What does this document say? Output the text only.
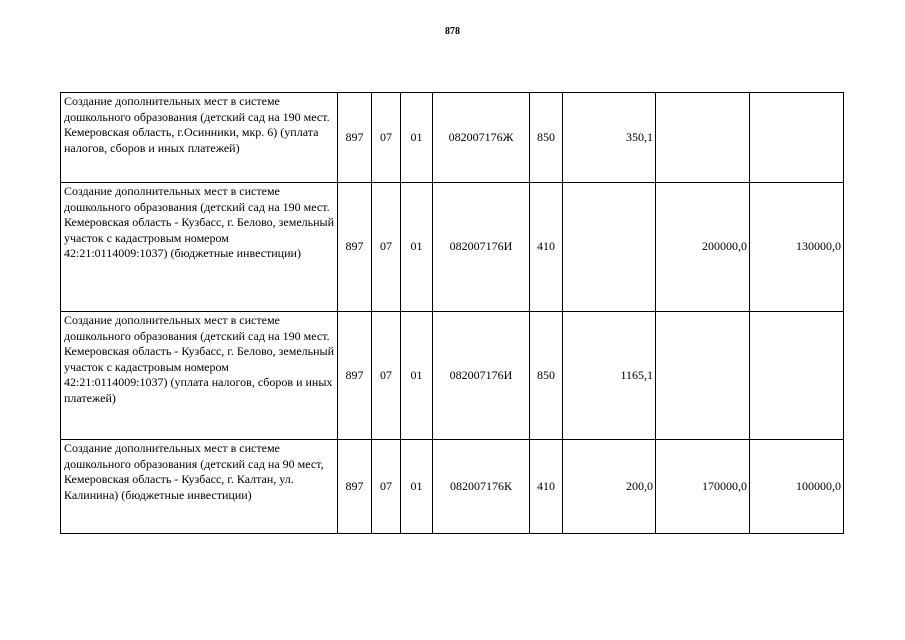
878
Создание дополнительных мест в системе дошкольного образования (детский сад на 190 мест. Кемеровская область, г.Осинники, мкр. 6) (уплата налогов, сборов и иных платежей)	897	07	01	082007176Ж	850	350,1		
Создание дополнительных мест в системе дошкольного образования (детский сад на 190 мест. Кемеровская область - Кузбасс, г. Белово, земельный участок с кадастровым номером 42:21:0114009:1037) (бюджетные инвестиции)	897	07	01	082007176И	410		200000,0	130000,0
Создание дополнительных мест в системе дошкольного образования (детский сад на 190 мест. Кемеровская область - Кузбасс, г. Белово, земельный участок с кадастровым номером 42:21:0114009:1037) (уплата налогов, сборов и иных платежей)	897	07	01	082007176И	850	1165,1		
Создание дополнительных мест в системе дошкольного образования (детский сад на 90 мест, Кемеровская область - Кузбасс, г. Калтан, ул. Калинина) (бюджетные инвестиции)	897	07	01	082007176К	410	200,0	170000,0	100000,0
